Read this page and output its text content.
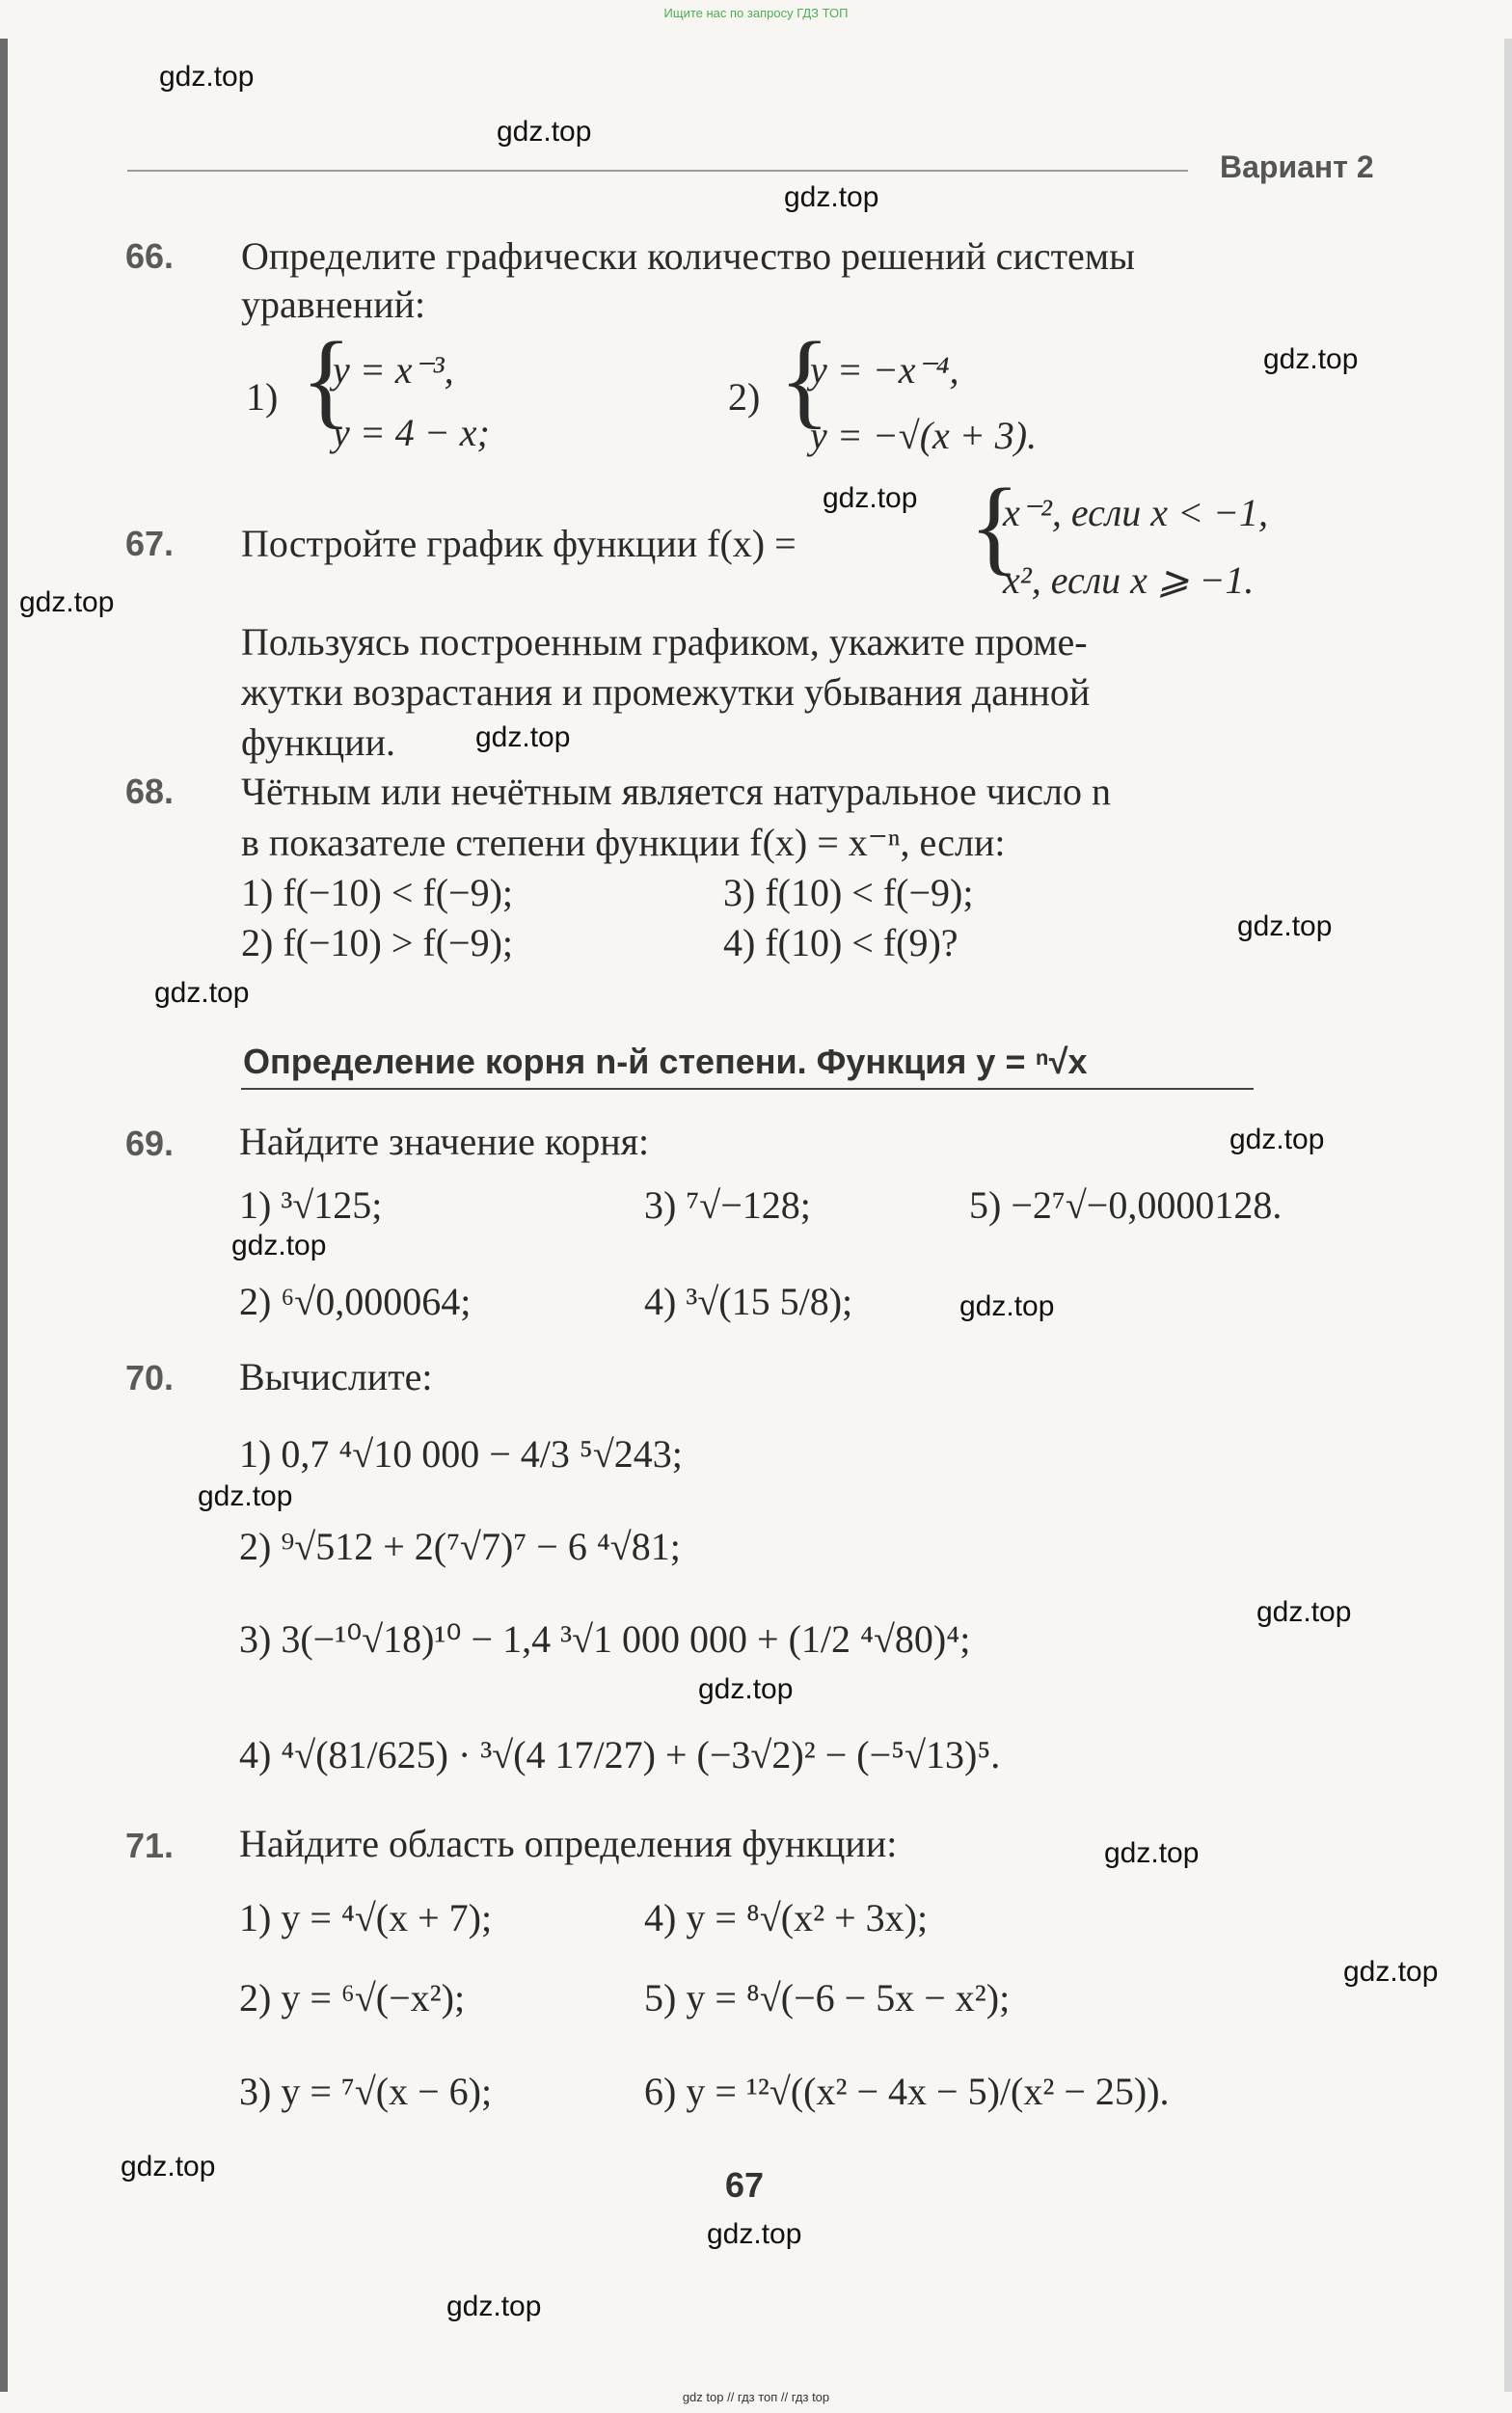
Ищите нас по запросу ГДЗ ТОП
Вариант 2
66. Определите графически количество решений системы
уравнений:
1) {
y = x⁻³,
y = 4 − x;
2) {
y = −x⁻⁴,
y = −√(x + 3).
67. Постройте график функции f(x) = {
x⁻², если x < −1,
x², если x ⩾ −1.
Пользуясь построенным графиком, укажите проме-
жутки возрастания и промежутки убывания данной
функции.
68. Чётным или нечётным является натуральное число n
в показателе степени функции f(x) = x⁻ⁿ, если:
1) f(−10) < f(−9);
2) f(−10) > f(−9);
3) f(10) < f(−9);
4) f(10) < f(9)?
Определение корня n-й степени. Функция y = ⁿ√x
69. Найдите значение корня:
1) ³√125;
2) ⁶√0,000064;
3) ⁷√−128;
4) ³√(15 5/8);
5) −2⁷√−0,0000128.
70. Вычислите:
1) 0,7 ⁴√10 000 − 4/3 ⁵√243;
2) ⁹√512 + 2(⁷√7)⁷ − 6 ⁴√81;
3) 3(−¹⁰√18)¹⁰ − 1,4 ³√1 000 000 + (1/2 ⁴√80)⁴;
4) ⁴√(81/625) · ³√(4 17/27) + (−3√2)² − (−⁵√13)⁵.
71. Найдите область определения функции:
1) y = ⁴√(x + 7);
2) y = ⁶√(−x²);
3) y = ⁷√(x − 6);
4) y = ⁸√(x² + 3x);
5) y = ⁸√(−6 − 5x − x²);
6) y = ¹²√((x² − 4x − 5)/(x² − 25)).
67
gdz.top
gdz.top
gdz.top
gdz.top
gdz.top
gdz.top
gdz.top
gdz.top
gdz.top
gdz.top
gdz.top
gdz.top
gdz.top
gdz.top
gdz.top
gdz.top
gdz.top
gdz.top
gdz.top
gdz.top
gdz top // гдз топ // гдз top
